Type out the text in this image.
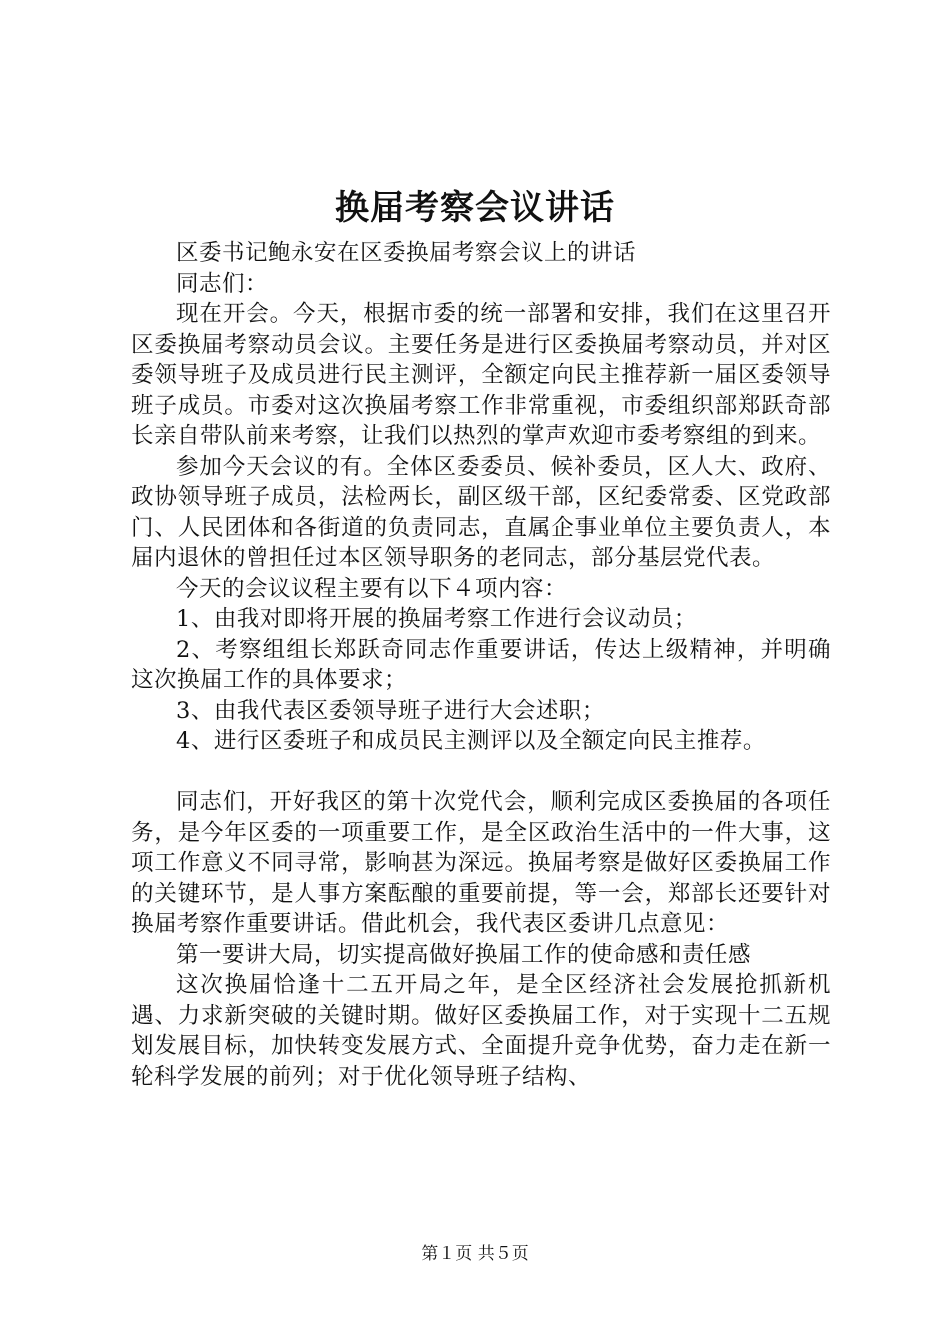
换届考察会议讲话

区委书记鲍永安在区委换届考察会议上的讲话

同志们：

现在开会。今天，根据市委的统一部署和安排，我们在这里召开区委换届考察动员会议。主要任务是进行区委换届考察动员，并对区委领导班子及成员进行民主测评，全额定向民主推荐新一届区委领导班子成员。市委对这次换届考察工作非常重视，市委组织部郑跃奇部长亲自带队前来考察，让我们以热烈的掌声欢迎市委考察组的到来。

参加今天会议的有。全体区委委员、候补委员，区人大、政府、政协领导班子成员，法检两长，副区级干部，区纪委常委、区党政部门、人民团体和各街道的负责同志，直属企事业单位主要负责人，本届内退休的曾担任过本区领导职务的老同志，部分基层党代表。

今天的会议议程主要有以下４项内容：

1、由我对即将开展的换届考察工作进行会议动员；

2、考察组组长郑跃奇同志作重要讲话，传达上级精神，并明确这次换届工作的具体要求；

3、由我代表区委领导班子进行大会述职；

4、进行区委班子和成员民主测评以及全额定向民主推荐。

同志们，开好我区的第十次党代会，顺利完成区委换届的各项任务，是今年区委的一项重要工作，是全区政治生活中的一件大事，这项工作意义不同寻常，影响甚为深远。换届考察是做好区委换届工作的关键环节，是人事方案酝酿的重要前提，等一会，郑部长还要针对换届考察作重要讲话。借此机会，我代表区委讲几点意见：

第一要讲大局，切实提高做好换届工作的使命感和责任感

这次换届恰逢十二五开局之年，是全区经济社会发展抢抓新机遇、力求新突破的关键时期。做好区委换届工作，对于实现十二五规划发展目标，加快转变发展方式、全面提升竞争优势，奋力走在新一轮科学发展的前列；对于优化领导班子结构、

第１页 共５页
